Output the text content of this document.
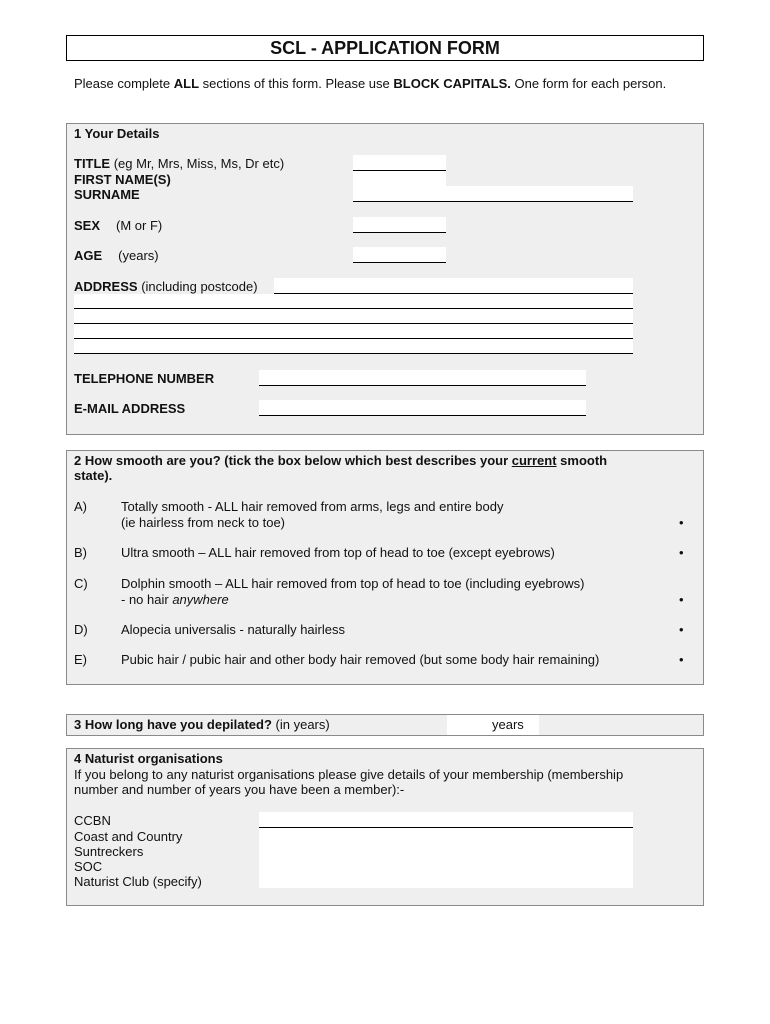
SCL - APPLICATION FORM
Please complete ALL sections of this form. Please use BLOCK CAPITALS. One form for each person.
1 Your Details
TITLE (eg Mr, Mrs, Miss, Ms, Dr etc)
FIRST NAME(S)
SURNAME
SEX (M or F)
AGE (years)
ADDRESS (including postcode)
TELEPHONE NUMBER
E-MAIL ADDRESS
2 How smooth are you? (tick the box below which best describes your current smooth
state).
A)	Totally smooth - ALL hair removed from arms, legs and entire body
(ie hairless from neck to toe)	•
B)	Ultra smooth – ALL hair removed from top of head to toe (except eyebrows)	•
C)	Dolphin smooth – ALL hair removed from top of head to toe (including eyebrows)
- no hair anywhere	•
D)	Alopecia universalis - naturally hairless	•
E)	Pubic hair / pubic hair and other body hair removed (but some body hair remaining)	•
3 How long have you depilated? (in years)	years
4 Naturist organisations
If you belong to any naturist organisations please give details of your membership (membership
number and number of years you have been a member):-
CCBN
Coast and Country
Suntreckers
SOC
Naturist Club (specify)
